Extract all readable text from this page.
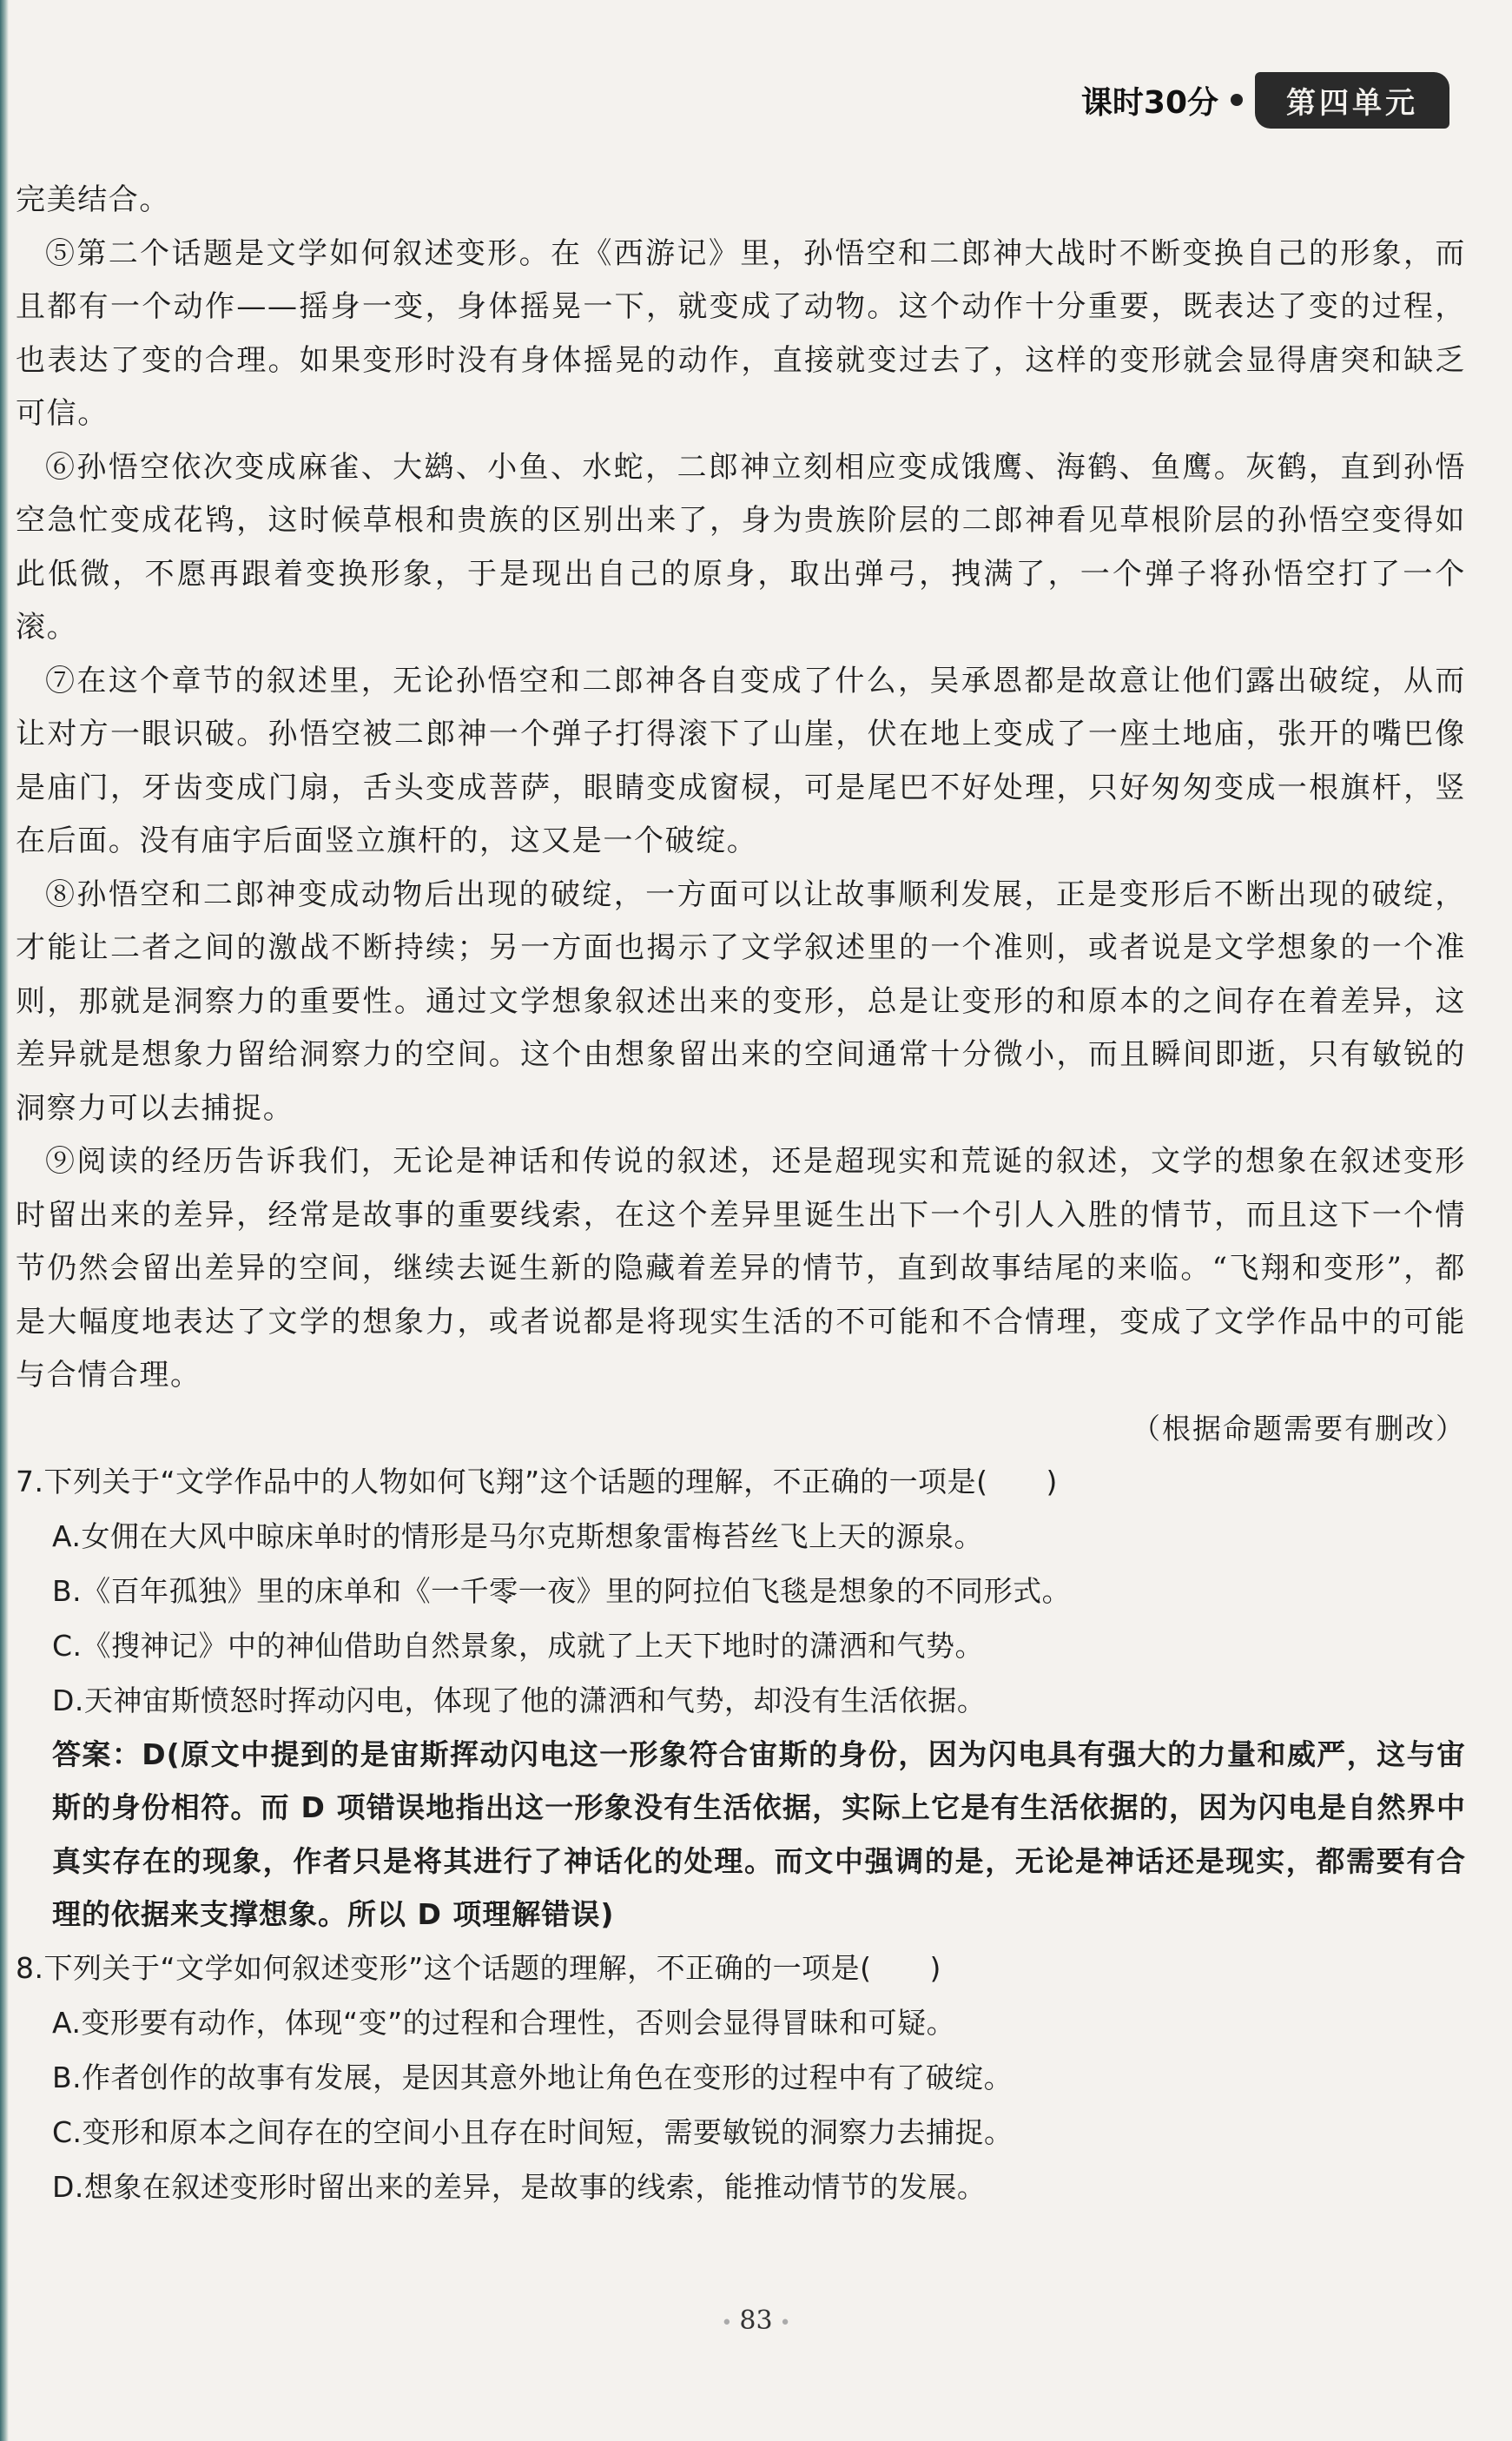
课时30分	第四单元

完美结合。

⑤第二个话题是文学如何叙述变形。在《西游记》里，孙悟空和二郎神大战时不断变换自己的形象，而且都有一个动作——摇身一变，身体摇晃一下，就变成了动物。这个动作十分重要，既表达了变的过程，也表达了变的合理。如果变形时没有身体摇晃的动作，直接就变过去了，这样的变形就会显得唐突和缺乏可信。

⑥孙悟空依次变成麻雀、大鹚、小鱼、水蛇，二郎神立刻相应变成饿鹰、海鹤、鱼鹰。灰鹤，直到孙悟空急忙变成花鸨，这时候草根和贵族的区别出来了，身为贵族阶层的二郎神看见草根阶层的孙悟空变得如此低微，不愿再跟着变换形象，于是现出自己的原身，取出弹弓，拽满了，一个弹子将孙悟空打了一个滚。

⑦在这个章节的叙述里，无论孙悟空和二郎神各自变成了什么，吴承恩都是故意让他们露出破绽，从而让对方一眼识破。孙悟空被二郎神一个弹子打得滚下了山崖，伏在地上变成了一座土地庙，张开的嘴巴像是庙门，牙齿变成门扇，舌头变成菩萨，眼睛变成窗棂，可是尾巴不好处理，只好匆匆变成一根旗杆，竖在后面。没有庙宇后面竖立旗杆的，这又是一个破绽。

⑧孙悟空和二郎神变成动物后出现的破绽，一方面可以让故事顺利发展，正是变形后不断出现的破绽，才能让二者之间的激战不断持续；另一方面也揭示了文学叙述里的一个准则，或者说是文学想象的一个准则，那就是洞察力的重要性。通过文学想象叙述出来的变形，总是让变形的和原本的之间存在着差异，这差异就是想象力留给洞察力的空间。这个由想象留出来的空间通常十分微小，而且瞬间即逝，只有敏锐的洞察力可以去捕捉。

⑨阅读的经历告诉我们，无论是神话和传说的叙述，还是超现实和荒诞的叙述，文学的想象在叙述变形时留出来的差异，经常是故事的重要线索，在这个差异里诞生出下一个引人入胜的情节，而且这下一个情节仍然会留出差异的空间，继续去诞生新的隐藏着差异的情节，直到故事结尾的来临。“飞翔和变形”，都是大幅度地表达了文学的想象力，或者说都是将现实生活的不可能和不合情理，变成了文学作品中的可能与合情合理。

（根据命题需要有删改）

7.下列关于“文学作品中的人物如何飞翔”这个话题的理解，不正确的一项是(　　)

A.女佣在大风中晾床单时的情形是马尔克斯想象雷梅苔丝飞上天的源泉。

B.《百年孤独》里的床单和《一千零一夜》里的阿拉伯飞毯是想象的不同形式。

C.《搜神记》中的神仙借助自然景象，成就了上天下地时的潇洒和气势。

D.天神宙斯愤怒时挥动闪电，体现了他的潇洒和气势，却没有生活依据。

答案：D(原文中提到的是宙斯挥动闪电这一形象符合宙斯的身份，因为闪电具有强大的力量和威严，这与宙斯的身份相符。而 D 项错误地指出这一形象没有生活依据，实际上它是有生活依据的，因为闪电是自然界中真实存在的现象，作者只是将其进行了神话化的处理。而文中强调的是，无论是神话还是现实，都需要有合理的依据来支撑想象。所以 D 项理解错误)

8.下列关于“文学如何叙述变形”这个话题的理解，不正确的一项是(　　)

A.变形要有动作，体现“变”的过程和合理性，否则会显得冒昧和可疑。

B.作者创作的故事有发展，是因其意外地让角色在变形的过程中有了破绽。

C.变形和原本之间存在的空间小且存在时间短，需要敏锐的洞察力去捕捉。

D.想象在叙述变形时留出来的差异，是故事的线索，能推动情节的发展。

• 83 •
